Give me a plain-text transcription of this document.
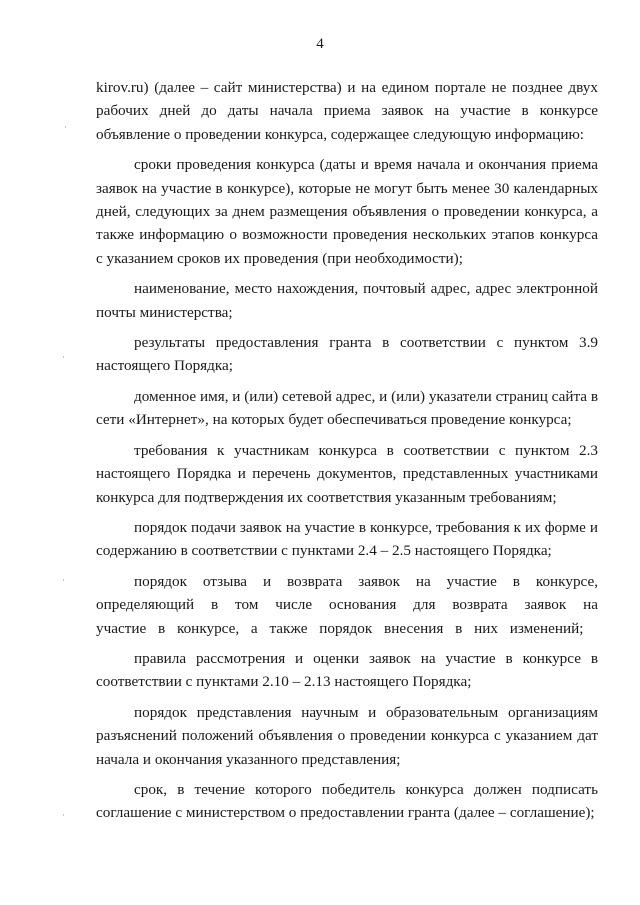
4
·
·
·
·

kirov.ru) (далее – сайт министерства) и на едином портале не позднее двух рабочих дней до даты начала приема заявок на участие в конкурсе объявление о проведении конкурса, содержащее следующую информацию:

сроки проведения конкурса (даты и время начала и окончания приема заявок на участие в конкурсе), которые не могут быть менее 30 календарных дней, следующих за днем размещения объявления о проведении конкурса, а также информацию о возможности проведения нескольких этапов конкурса с указанием сроков их проведения (при необходимости);

наименование, место нахождения, почтовый адрес, адрес электронной почты министерства;

результаты предоставления гранта в соответствии с пунктом 3.9 настоящего Порядка;

доменное имя, и (или) сетевой адрес, и (или) указатели страниц сайта в сети «Интернет», на которых будет обеспечиваться проведение конкурса;

требования к участникам конкурса в соответствии с пунктом 2.3 настоящего Порядка и перечень документов, представленных участниками конкурса для подтверждения их соответствия указанным требованиям;

порядок подачи заявок на участие в конкурсе, требования к их форме и содержанию в соответствии с пунктами 2.4 – 2.5 настоящего Порядка;

порядок отзыва и возврата заявок на участие в конкурсе, определяющий в том числе основания для возврата заявок на участие в конкурсе, а также порядок внесения в них изменений;

правила рассмотрения и оценки заявок на участие в конкурсе в соответствии с пунктами 2.10 – 2.13 настоящего Порядка;

порядок представления научным и образовательным организациям разъяснений положений объявления о проведении конкурса с указанием дат начала и окончания указанного представления;

срок, в течение которого победитель конкурса должен подписать соглашение с министерством о предоставлении гранта (далее – соглашение);
